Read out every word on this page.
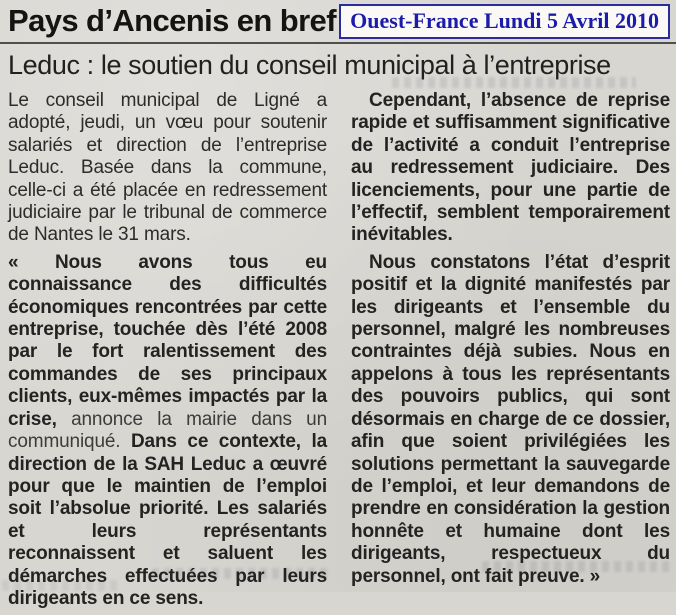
Pays d’Ancenis en bref Ouest-France Lundi 5 Avril 2010
Leduc : le soutien du conseil municipal à l’entreprise

Le conseil municipal de Ligné a adopté, jeudi, un vœu pour soutenir salariés et direction de l’entreprise Leduc. Basée dans la commune, celle-ci a été placée en redressement judiciaire par le tribunal de commerce de Nantes le 31 mars.

« Nous avons tous eu connaissance des difficultés économiques rencontrées par cette entreprise, touchée dès l’été 2008 par le fort ralentissement des commandes de ses principaux clients, eux-mêmes impactés par la crise, annonce la mairie dans un communiqué. Dans ce contexte, la direction de la SAH Leduc a œuvré pour que le maintien de l’emploi soit l’absolue priorité. Les salariés et leurs représentants reconnaissent et saluent les démarches effectuées par leurs dirigeants en ce sens.

Cependant, l’absence de reprise rapide et suffisamment significative de l’activité a conduit l’entreprise au redressement judiciaire. Des licenciements, pour une partie de l’effectif, semblent temporairement inévitables.

Nous constatons l’état d’esprit positif et la dignité manifestés par les dirigeants et l’ensemble du personnel, malgré les nombreuses contraintes déjà subies. Nous en appelons à tous les représentants des pouvoirs publics, qui sont désormais en charge de ce dossier, afin que soient privilégiées les solutions permettant la sauvegarde de l’emploi, et leur demandons de prendre en considération la gestion honnête et humaine dont les dirigeants, respectueux du personnel, ont fait preuve. »
